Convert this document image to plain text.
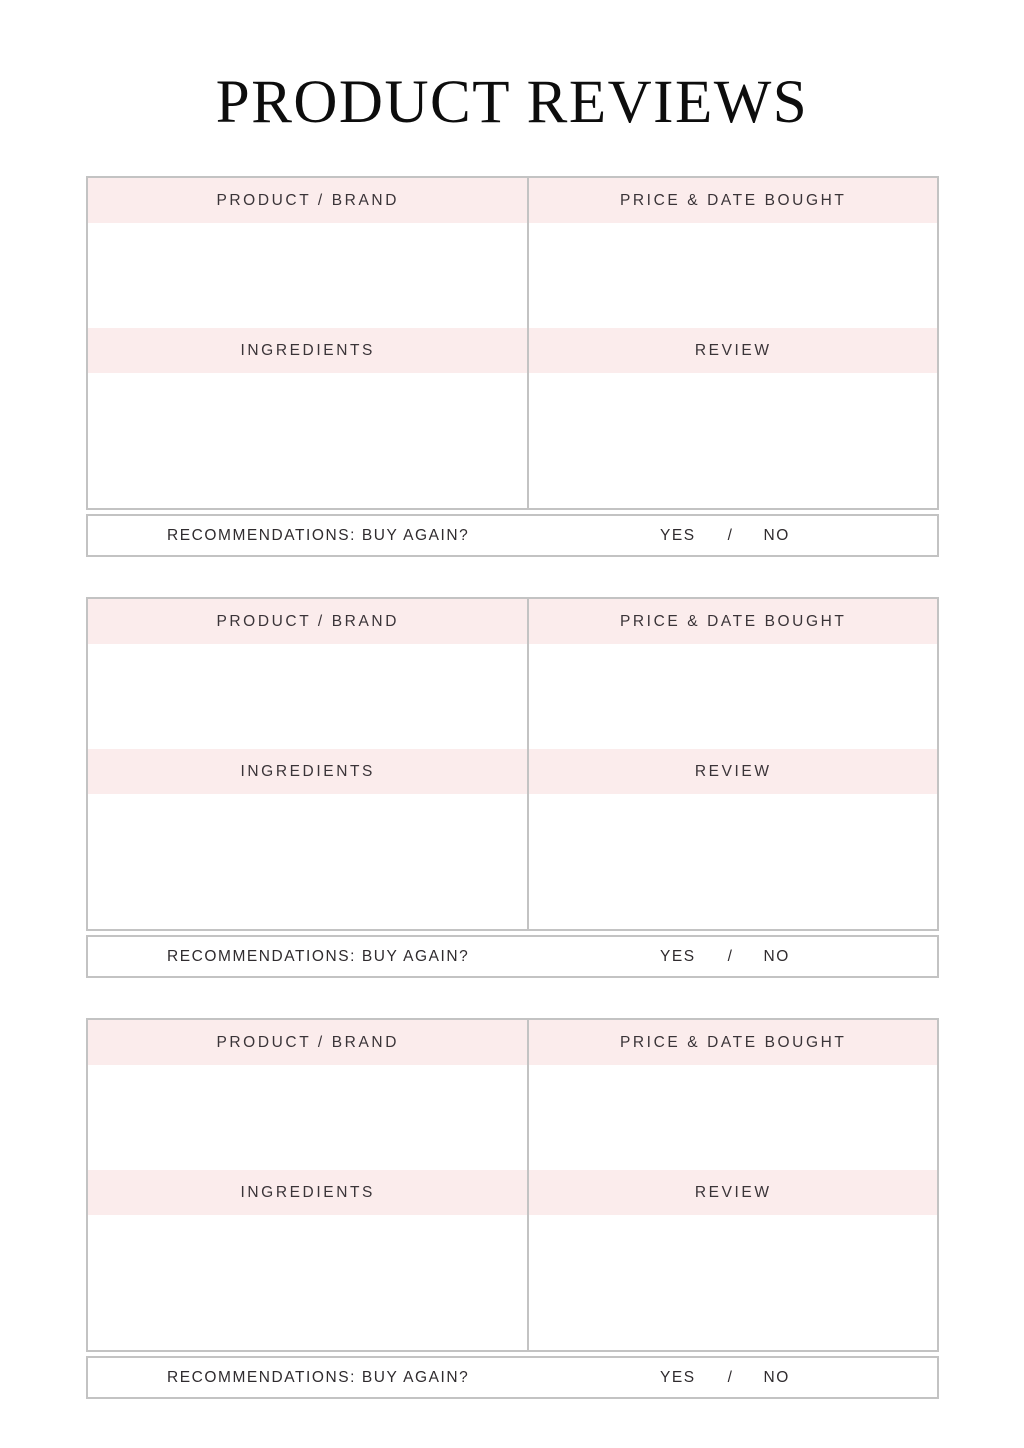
PRODUCT REVIEWS
PRODUCT / BRAND	PRICE & DATE BOUGHT
INGREDIENTS	REVIEW
RECOMMENDATIONS: BUY AGAIN?	YES / NO
PRODUCT / BRAND	PRICE & DATE BOUGHT
INGREDIENTS	REVIEW
RECOMMENDATIONS: BUY AGAIN?	YES / NO
PRODUCT / BRAND	PRICE & DATE BOUGHT
INGREDIENTS	REVIEW
RECOMMENDATIONS: BUY AGAIN?	YES / NO
